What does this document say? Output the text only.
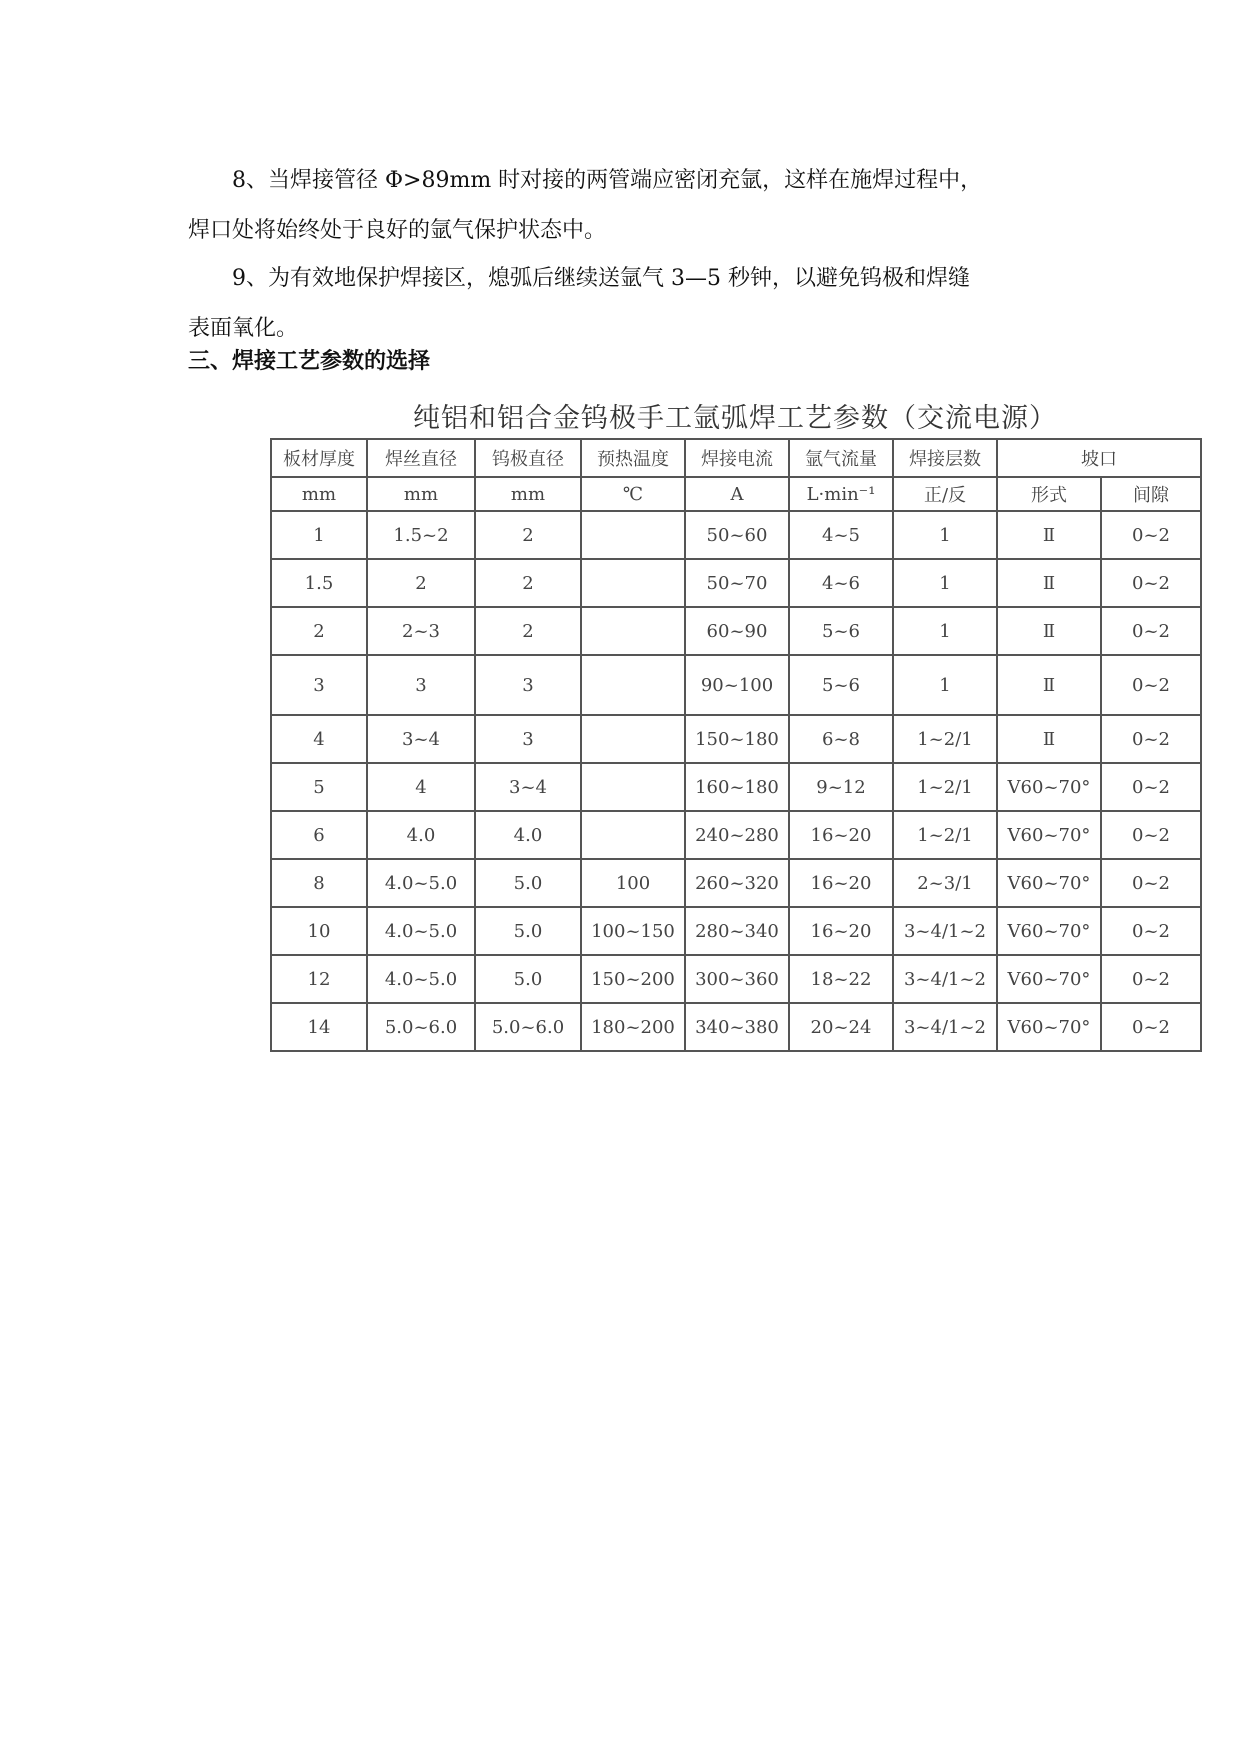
8、当焊接管径 Φ>89mm 时对接的两管端应密闭充氩，这样在施焊过程中，
焊口处将始终处于良好的氩气保护状态中。

9、为有效地保护焊接区，熄弧后继续送氩气 3—5 秒钟，以避免钨极和焊缝
表面氧化。

三、焊接工艺参数的选择
纯铝和铝合金钨极手工氩弧焊工艺参数（交流电源）
板材厚度	焊丝直径	钨极直径	预热温度	焊接电流	氩气流量	焊接层数	坡口	
mm	mm	mm	℃	A	L·min⁻¹	正/反	形式	间隙
1	1.5~2	2		50~60	4~5	1	Ⅱ	0~2
1.5	2	2		50~70	4~6	1	Ⅱ	0~2
2	2~3	2		60~90	5~6	1	Ⅱ	0~2
3	3	3		90~100	5~6	1	Ⅱ	0~2
4	3~4	3		150~180	6~8	1~2/1	Ⅱ	0~2
5	4	3~4		160~180	9~12	1~2/1	V60~70°	0~2
6	4.0	4.0		240~280	16~20	1~2/1	V60~70°	0~2
8	4.0~5.0	5.0	100	260~320	16~20	2~3/1	V60~70°	0~2
10	4.0~5.0	5.0	100~150	280~340	16~20	3~4/1~2	V60~70°	0~2
12	4.0~5.0	5.0	150~200	300~360	18~22	3~4/1~2	V60~70°	0~2
14	5.0~6.0	5.0~6.0	180~200	340~380	20~24	3~4/1~2	V60~70°	0~2
